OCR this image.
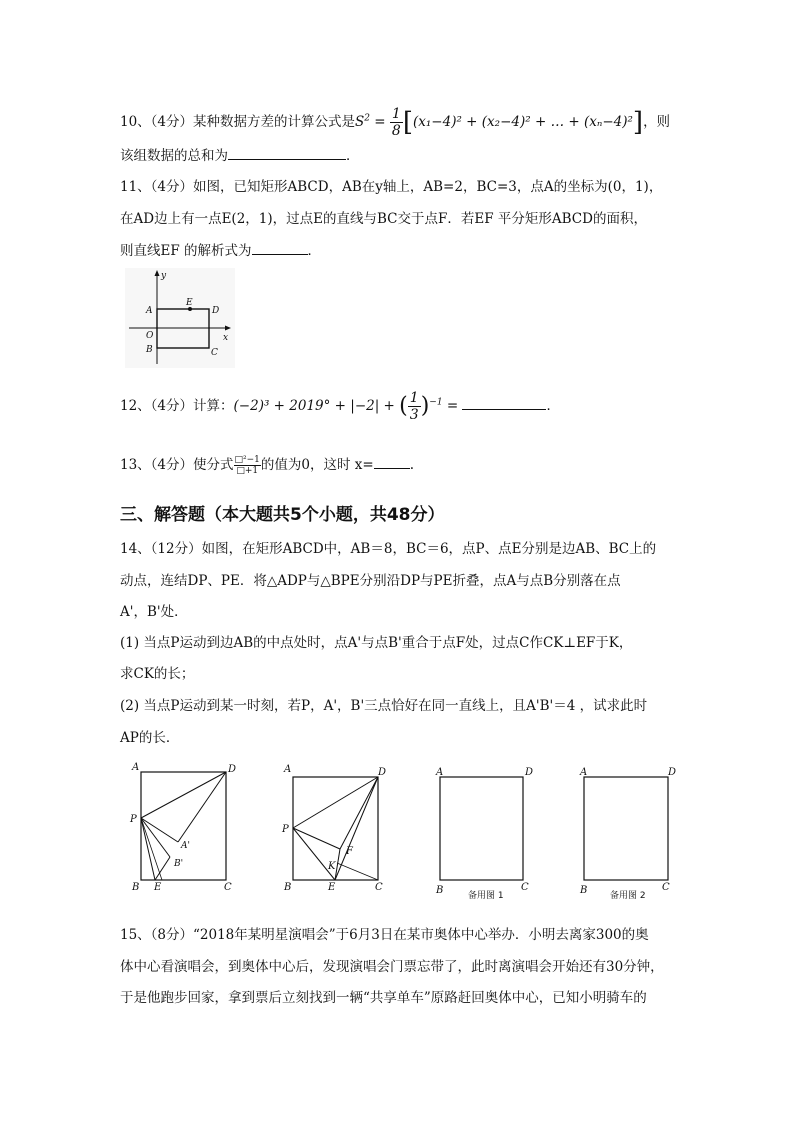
10、（4分）某种数据方差的计算公式是$S^2 = \frac{1}{8} [(x_1-4)^2 + (x_2-4)^2$ + … + (xₙ−4)²]，则
该组数据的总和为	．
11、（4分）如图，已知矩形ABCD，AB在y轴上，AB=2，BC=3，点A的坐标为(0，1)，
在AD边上有一点E(2，1)，过点E的直线与BC交于点F．若EF 平分矩形ABCD的面积，
则直线EF 的解析式为	．
y
x
A
E
D
O
B	C
12、（4分）计算：(−2)³ + 2019° + |−2| + ( $\frac{1}{3} )^{-1}$ =	．
13、（4分）使分式 $\frac{\text{□²−1}}{□+1}$ 的值为0，这时 x=	.
三、解答题（本大题共5个小题，共48分）
14、（12分）如图，在矩形ABCD中，AB＝8，BC＝6，点P、点E分别是边AB、BC上的
动点，连结DP、PE．将△ADP与△BPE分别沿DP与PE折叠，点A与点B分别落在点
A'，B'处．
(1) 当点P运动到边AB的中点处时，点A'与点B'重合于点F处，过点C作CK⊥EF于K，
求CK的长；
(2) 当点P运动到某一时刻，若P，A'，B'三点恰好在同一直线上，且A'B'＝4 ，试求此时
AP的长．
A	D
P
A'
B'
B E	C
A	D
P
F
K
B	E	C
A	D
B	C
备用图 1
A	D
B	C
备用图 2
15、（8分）“2018年某明星演唱会”于6月3日在某市奥体中心举办．小明去离家300的奥
体中心看演唱会，到奥体中心后，发现演唱会门票忘带了，此时离演唱会开始还有30分钟，
于是他跑步回家，拿到票后立刻找到一辆“共享单车”原路赶回奥体中心，已知小明骑车的
